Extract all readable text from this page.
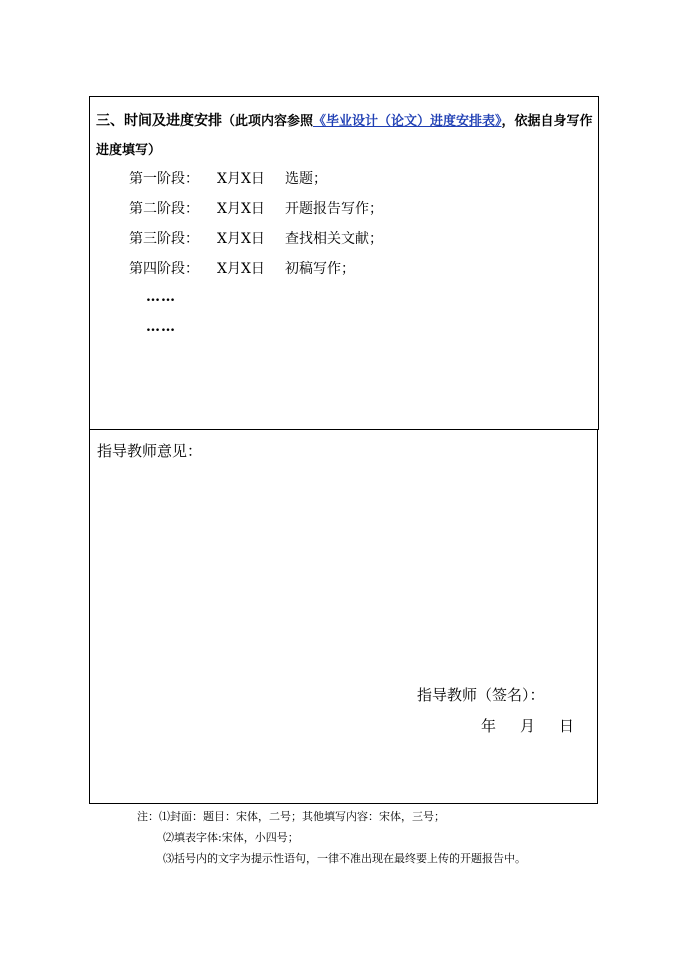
三、时间及进度安排（此项内容参照《毕业设计（论文）进度安排表》，依据自身写作进度填写）
第一阶段： X月X日 选题；
第二阶段： X月X日 开题报告写作；
第三阶段： X月X日 查找相关文献；
第四阶段： X月X日 初稿写作；
……
……
指导教师意见：
指导教师（签名）：
年 月 日
注：⑴封面：题目：宋体，二号；其他填写内容：宋体，三号；
⑵填表字体:宋体，小四号；
⑶括号内的文字为提示性语句，一律不准出现在最终要上传的开题报告中。
